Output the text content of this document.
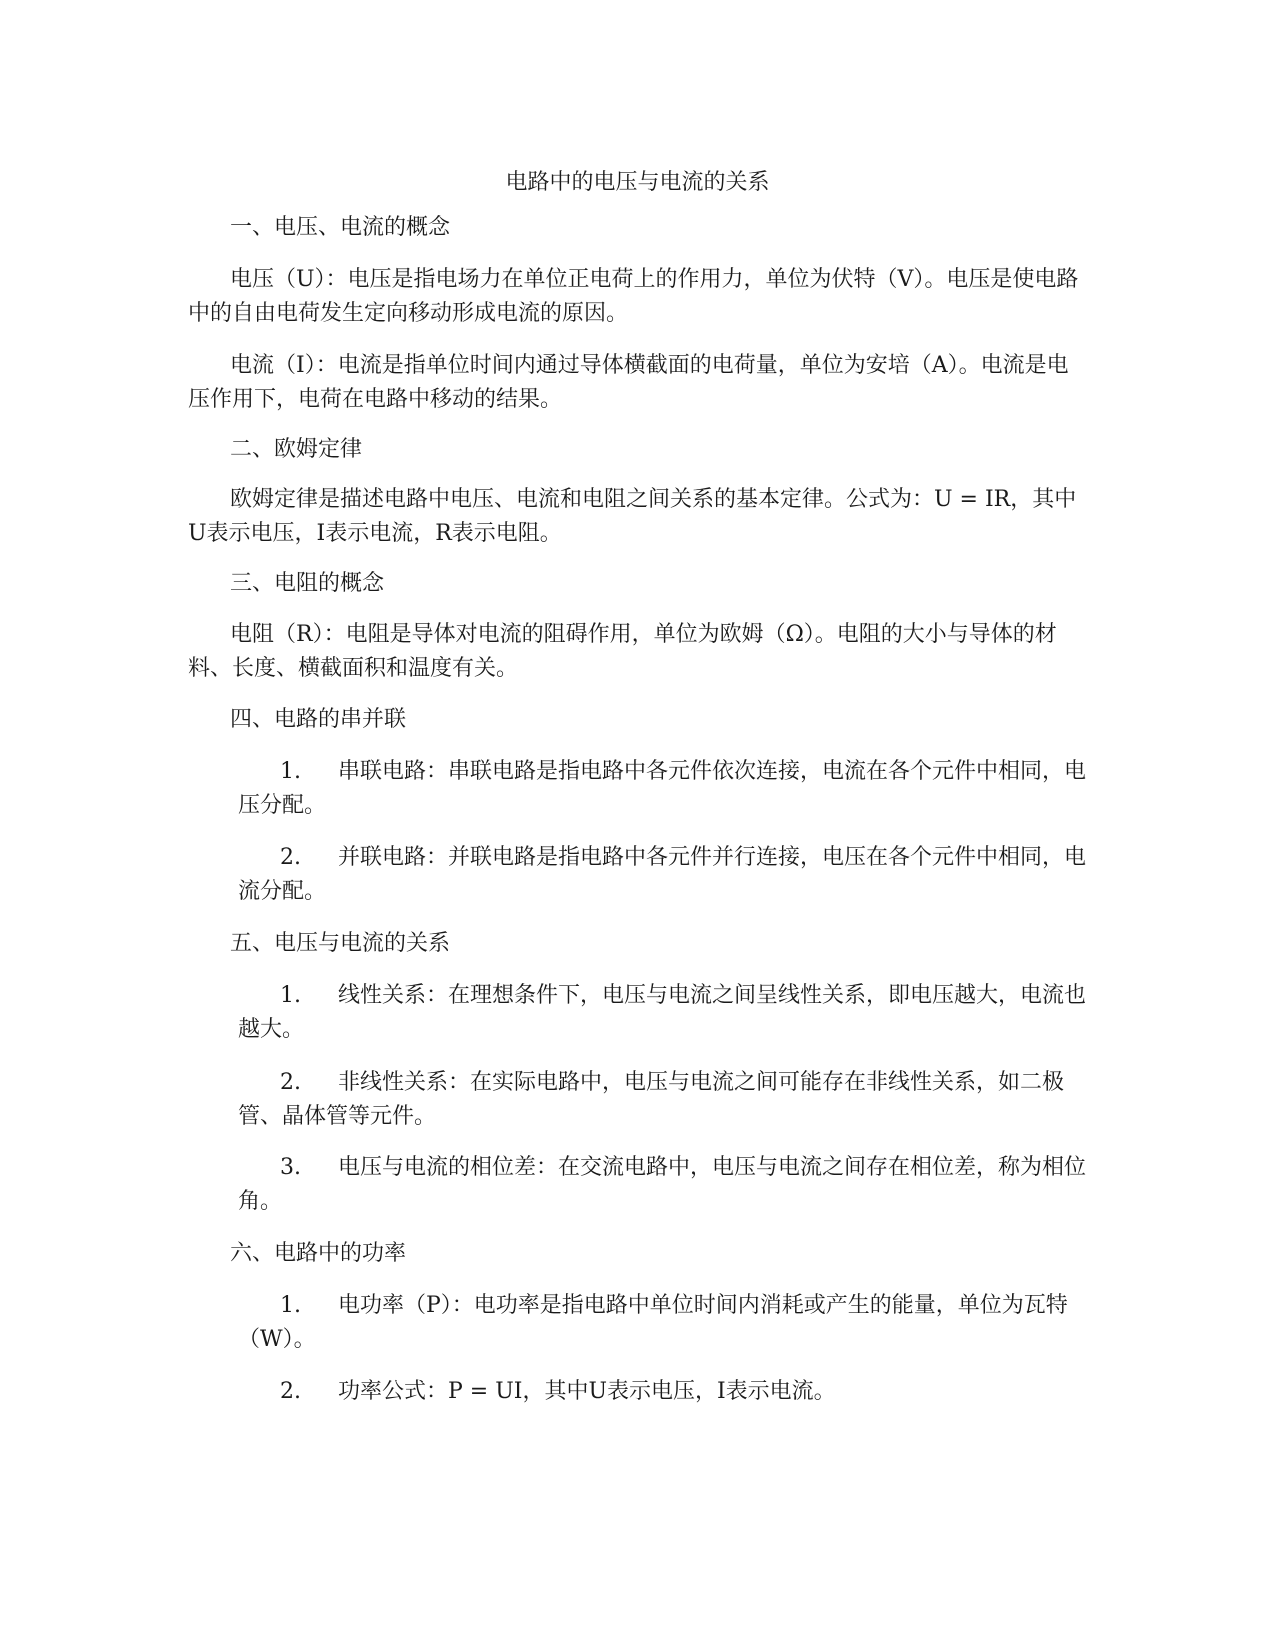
电路中的电压与电流的关系
一、电压、电流的概念
电压（U）：电压是指电场力在单位正电荷上的作用力，单位为伏特（V）。电压是使电路中的自由电荷发生定向移动形成电流的原因。
电流（I）：电流是指单位时间内通过导体横截面的电荷量，单位为安培（A）。电流是电压作用下，电荷在电路中移动的结果。
二、欧姆定律
欧姆定律是描述电路中电压、电流和电阻之间关系的基本定律。公式为：U = IR，其中U表示电压，I表示电流，R表示电阻。
三、电阻的概念
电阻（R）：电阻是导体对电流的阻碍作用，单位为欧姆（Ω）。电阻的大小与导体的材料、长度、横截面积和温度有关。
四、电路的串并联
1. 串联电路：串联电路是指电路中各元件依次连接，电流在各个元件中相同，电压分配。
2. 并联电路：并联电路是指电路中各元件并行连接，电压在各个元件中相同，电流分配。
五、电压与电流的关系
1. 线性关系：在理想条件下，电压与电流之间呈线性关系，即电压越大，电流也越大。
2. 非线性关系：在实际电路中，电压与电流之间可能存在非线性关系，如二极管、晶体管等元件。
3. 电压与电流的相位差：在交流电路中，电压与电流之间存在相位差，称为相位角。
六、电路中的功率
1. 电功率（P）：电功率是指电路中单位时间内消耗或产生的能量，单位为瓦特（W）。
2. 功率公式：P = UI，其中U表示电压，I表示电流。
